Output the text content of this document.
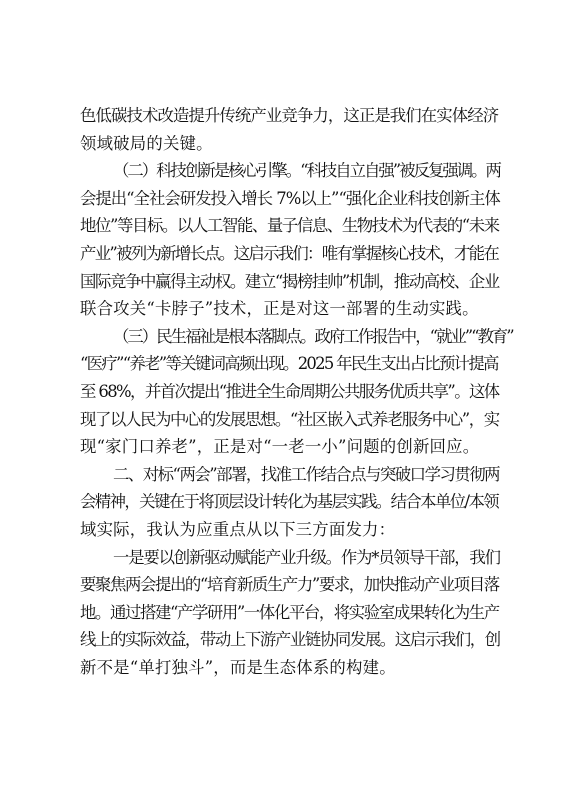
色低碳技术改造提升传统产业竞争力，这正是我们在实体经济
领域破局的关键。
（二）科技创新是核心引擎。“科技自立自强”被反复强调。两
会提出“全社会研发投入增长 7%以上”“强化企业科技创新主体
地位”等目标。以人工智能、量子信息、生物技术为代表的“未来
产业”被列为新增长点。这启示我们：唯有掌握核心技术，才能在
国际竞争中赢得主动权。建立“揭榜挂帅”机制，推动高校、企业
联合攻关“卡脖子”技术，正是对这一部署的生动实践。
（三）民生福祉是根本落脚点。政府工作报告中，“就业”“教育”
“医疗”“养老”等关键词高频出现。2025 年民生支出占比预计提高
至 68%，并首次提出“推进全生命周期公共服务优质共享”。这体
现了以人民为中心的发展思想。“社区嵌入式养老服务中心”，实
现“家门口养老”，正是对“一老一小”问题的创新回应。
二、对标“两会”部署，找准工作结合点与突破口学习贯彻两
会精神，关键在于将顶层设计转化为基层实践。结合本单位/本领
域实际，我认为应重点从以下三方面发力：
一是要以创新驱动赋能产业升级。作为*员领导干部，我们
要聚焦两会提出的“培育新质生产力”要求，加快推动产业项目落
地。通过搭建“产学研用”一体化平台，将实验室成果转化为生产
线上的实际效益，带动上下游产业链协同发展。这启示我们，创
新不是“单打独斗”，而是生态体系的构建。
